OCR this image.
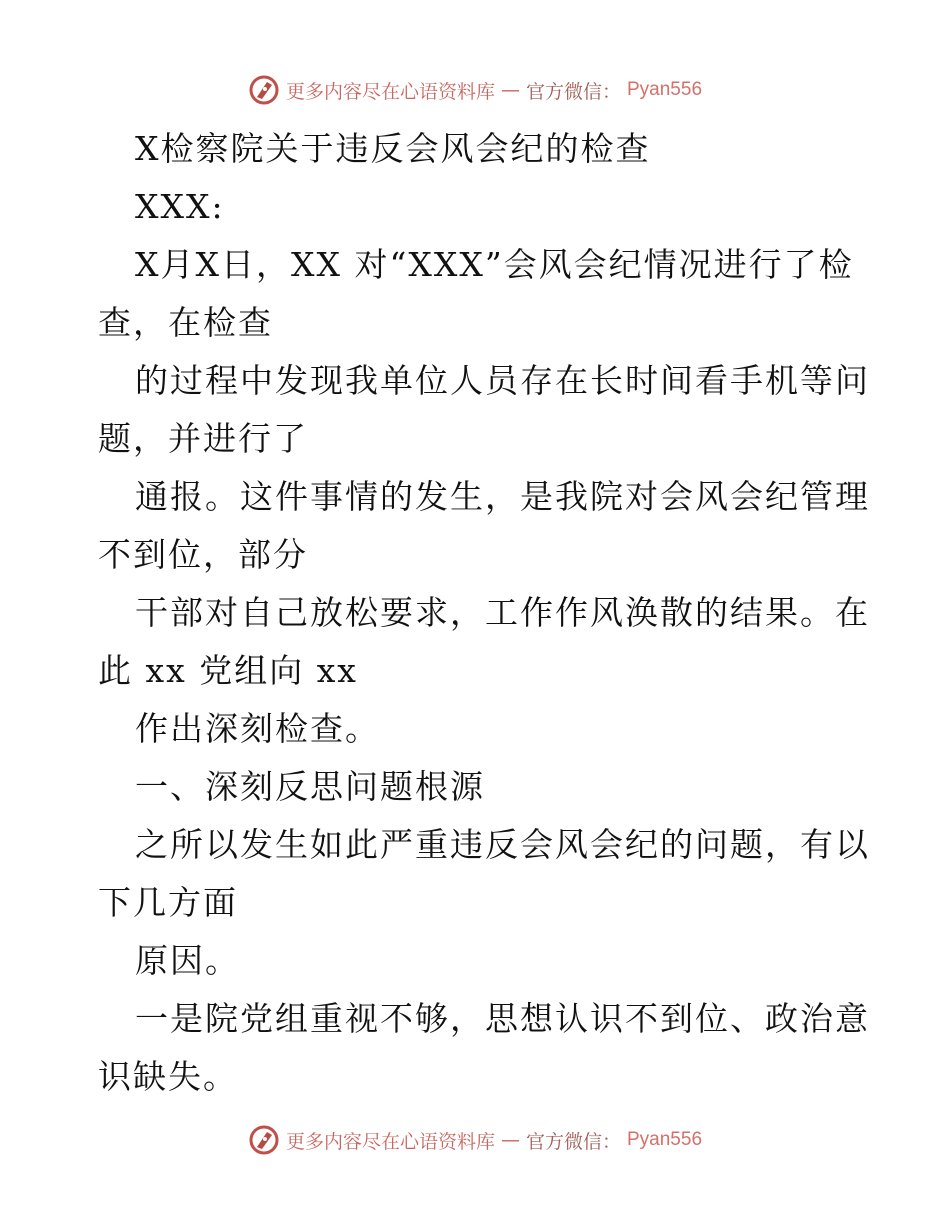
更多内容尽在心语资料库 — 官方微信： Pyan556
X检察院关于违反会风会纪的检查
XXX:
X月X日，XX 对“XXX”会风会纪情况进行了检
查，在检查
的过程中发现我单位人员存在长时间看手机等问
题，并进行了
通报。这件事情的发生，是我院对会风会纪管理
不到位，部分
干部对自己放松要求，工作作风涣散的结果。在
此 xx 党组向 xx
作出深刻检查。
一、深刻反思问题根源
之所以发生如此严重违反会风会纪的问题，有以
下几方面
原因。
一是院党组重视不够，思想认识不到位、政治意
识缺失。
更多内容尽在心语资料库 — 官方微信： Pyan556
